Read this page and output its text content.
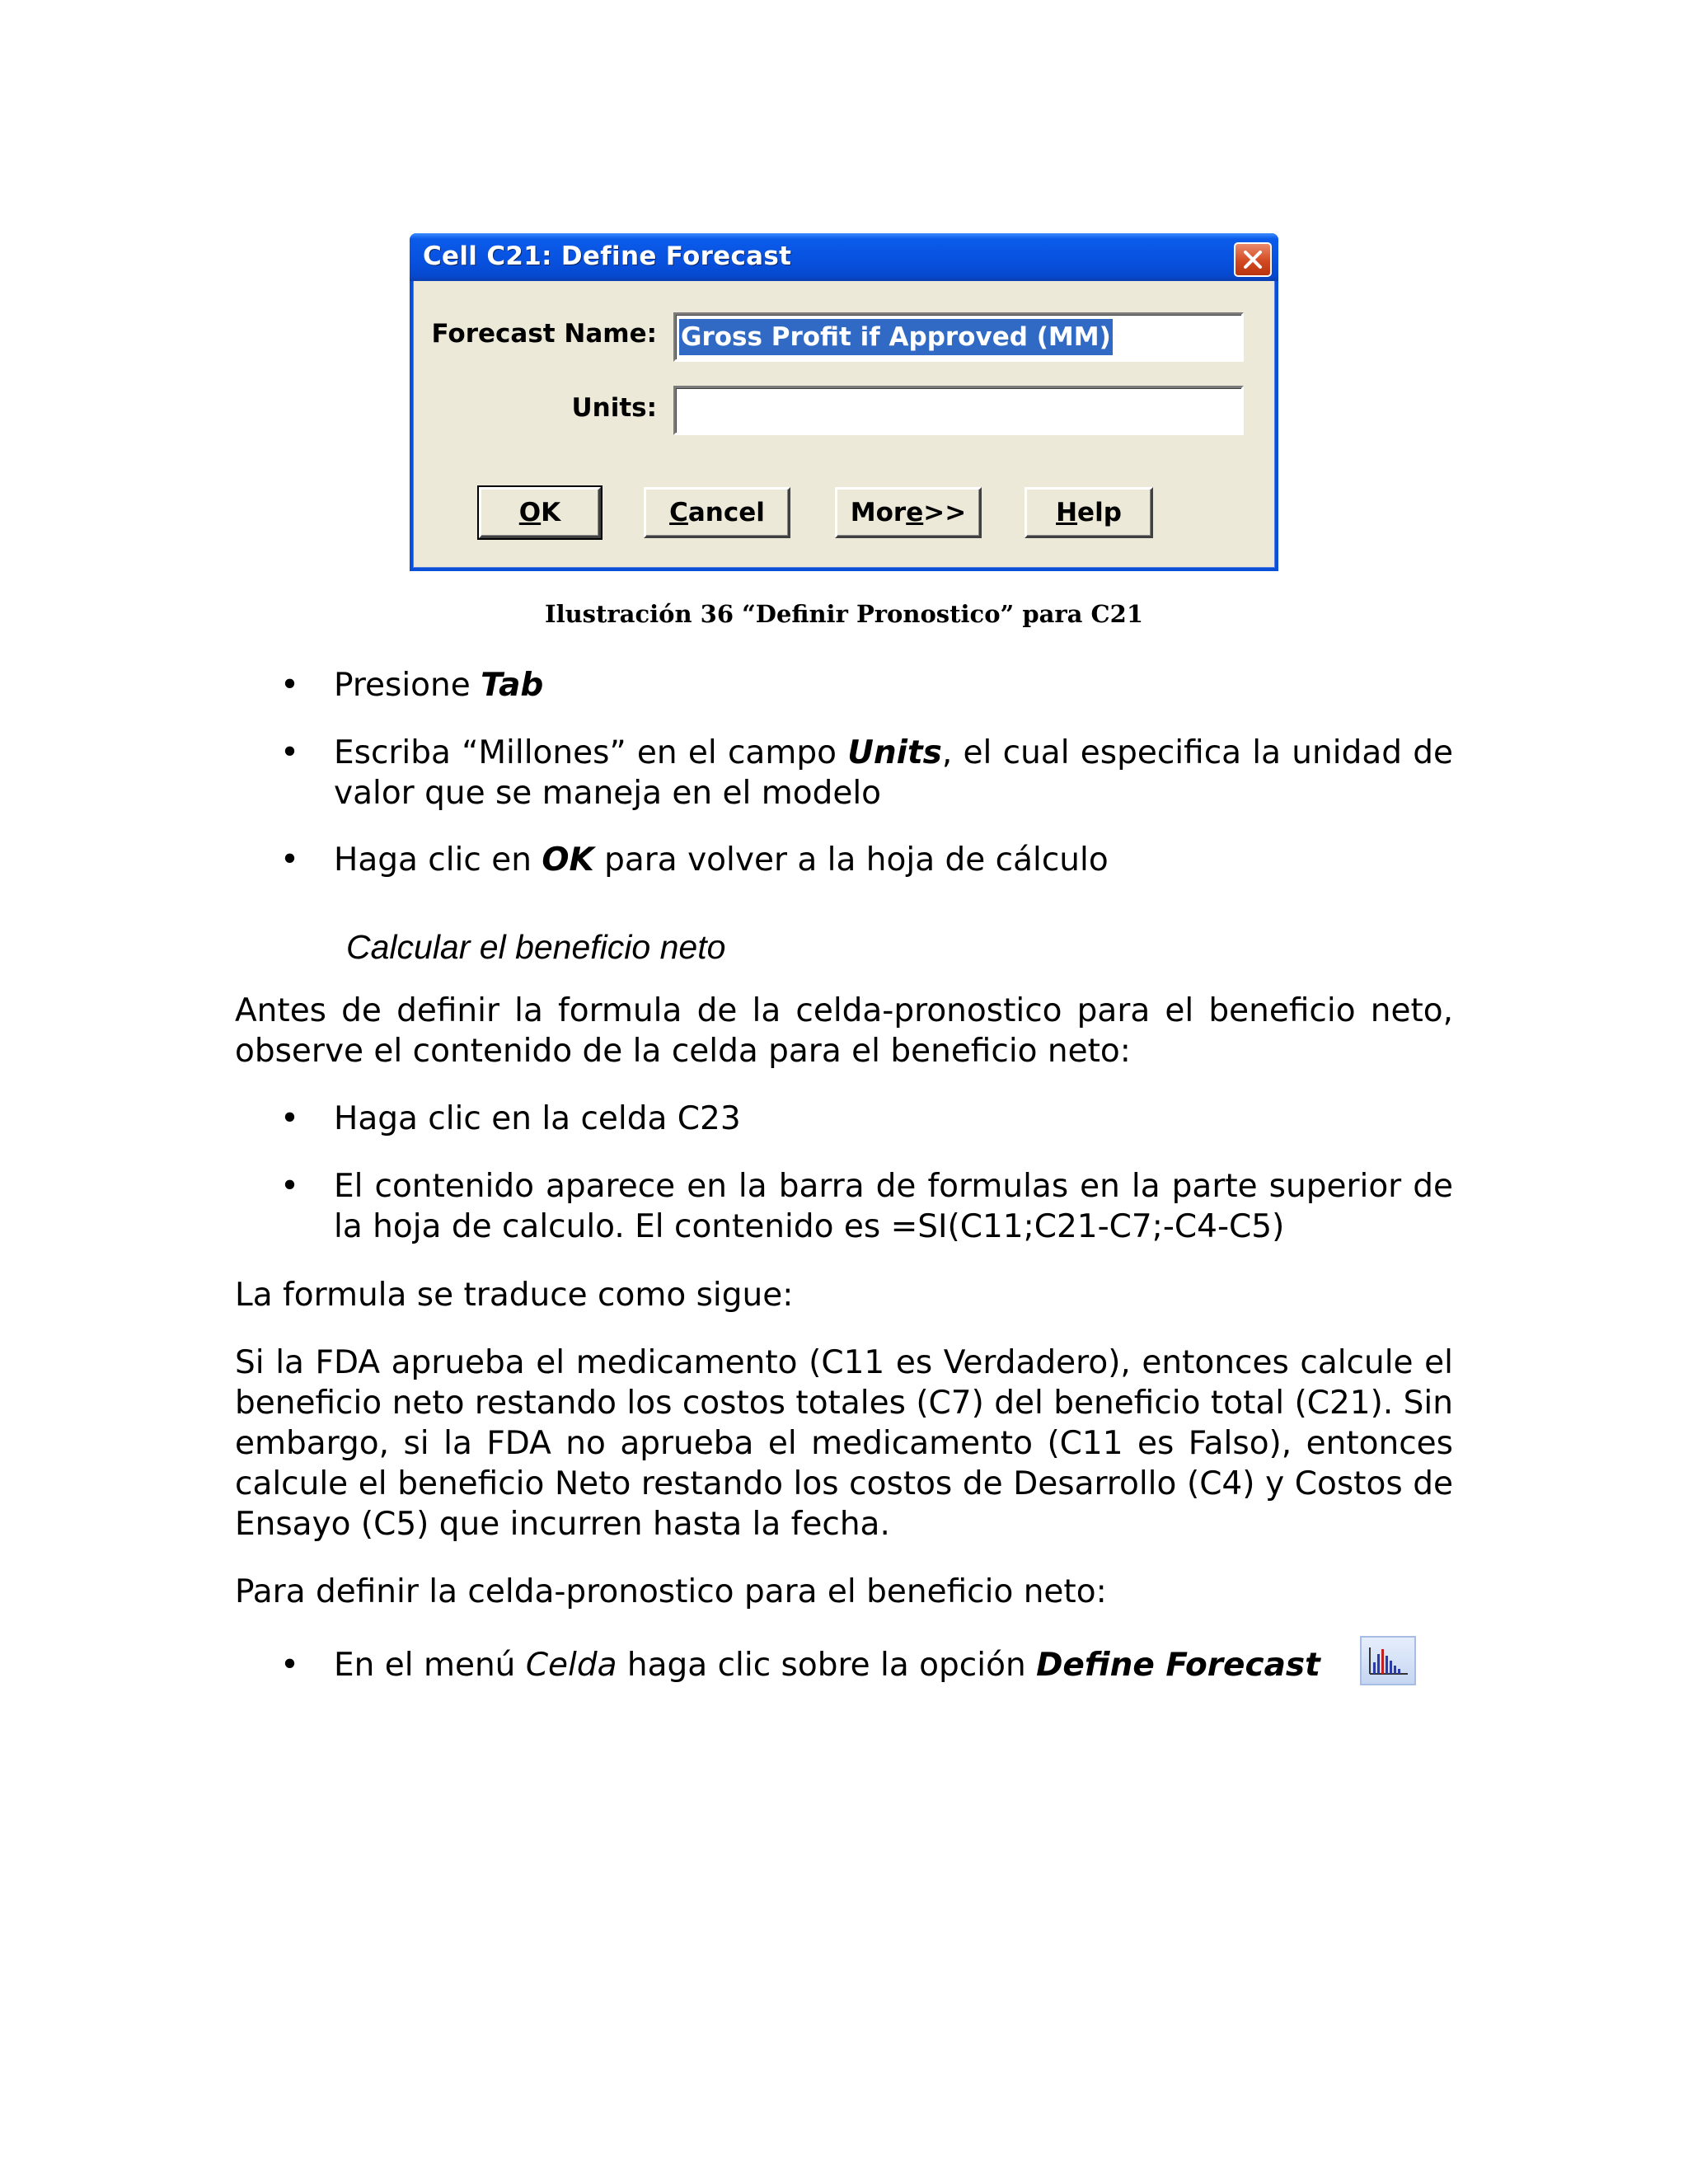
Cell C21: Define Forecast
Forecast Name: Gross Profit if Approved (MM)
Units:
O K	C ancel	Mor e >>	H elp
Ilustración 36 “Definir Pronostico” para C21
• Presione Tab
• Escriba “Millones” en el campo Units, el cual especifica la unidad de valor que se maneja en el modelo
• Haga clic en OK para volver a la hoja de cálculo
Calcular el beneficio neto
Antes de definir la formula de la celda-pronostico para el beneficio neto, observe el contenido de la celda para el beneficio neto:
• Haga clic en la celda C23
• El contenido aparece en la barra de formulas en la parte superior de la hoja de calculo. El contenido es =SI(C11;C21-C7;-C4-C5)
La formula se traduce como sigue:
Si la FDA aprueba el medicamento (C11 es Verdadero), entonces calcule el beneficio neto restando los costos totales (C7) del beneficio total (C21). Sin embargo, si la FDA no aprueba el medicamento (C11 es Falso), entonces calcule el beneficio Neto restando los costos de Desarrollo (C4) y Costos de Ensayo (C5) que incurren hasta la fecha.
Para definir la celda-pronostico para el beneficio neto:
• En el menú Celda haga clic sobre la opción Define Forecast
